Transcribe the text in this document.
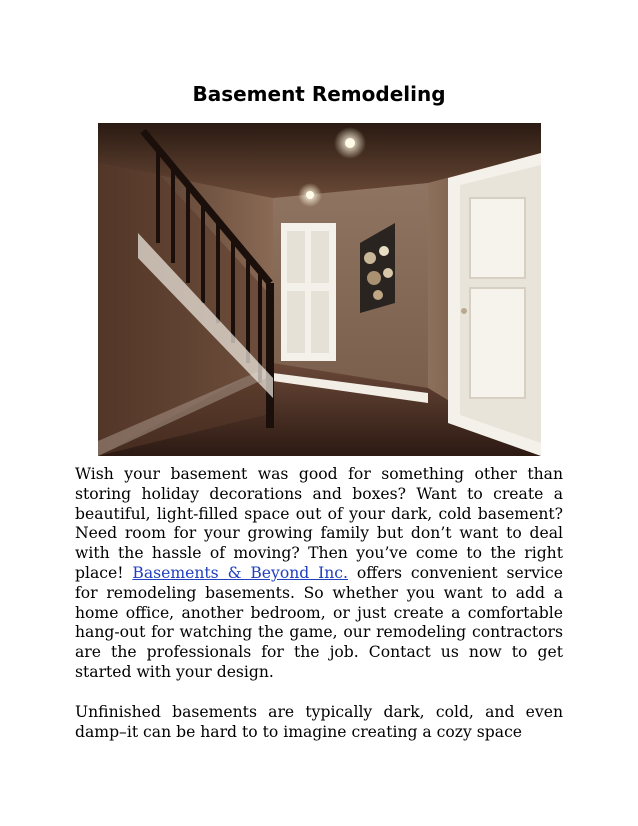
Basement Remodeling

Wish your basement was good for something other than storing holiday decorations and boxes? Want to create a beautiful, light-filled space out of your dark, cold basement? Need room for your growing family but don’t want to deal with the hassle of moving? Then you’ve come to the right place! Basements & Beyond Inc. offers convenient service for remodeling basements. So whether you want to add a home office, another bedroom, or just create a comfortable hang-out for watching the game, our remodeling contractors are the professionals for the job. Contact us now to get started with your design.

Unfinished basements are typically dark, cold, and even damp–it can be hard to to imagine creating a cozy space
